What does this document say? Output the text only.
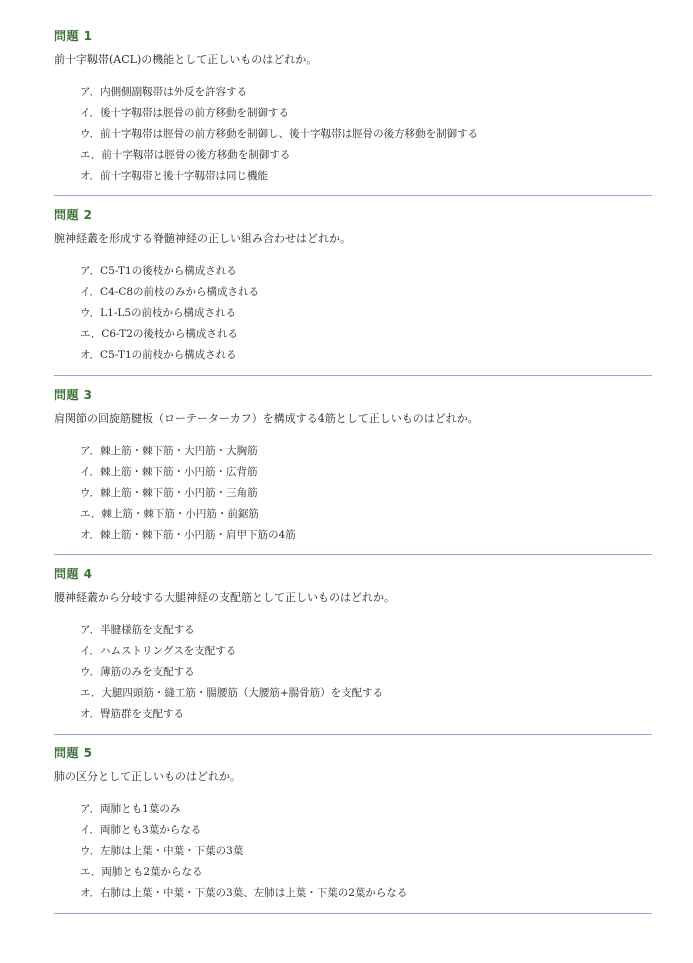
問題 1
前十字靱帯(ACL)の機能として正しいものはどれか。
ア．内側側副靱帯は外反を許容する
イ．後十字靱帯は脛骨の前方移動を制御する
ウ．前十字靱帯は脛骨の前方移動を制御し、後十字靱帯は脛骨の後方移動を制御する
エ．前十字靱帯は脛骨の後方移動を制御する
オ．前十字靱帯と後十字靱帯は同じ機能
問題 2
腕神経叢を形成する脊髄神経の正しい組み合わせはどれか。
ア．C5-T1の後枝から構成される
イ．C4-C8の前枝のみから構成される
ウ．L1-L5の前枝から構成される
エ．C6-T2の後枝から構成される
オ．C5-T1の前枝から構成される
問題 3
肩関節の回旋筋腱板（ローテーターカフ）を構成する4筋として正しいものはどれか。
ア．棘上筋・棘下筋・大円筋・大胸筋
イ．棘上筋・棘下筋・小円筋・広背筋
ウ．棘上筋・棘下筋・小円筋・三角筋
エ．棘上筋・棘下筋・小円筋・前鋸筋
オ．棘上筋・棘下筋・小円筋・肩甲下筋の4筋
問題 4
腰神経叢から分岐する大腿神経の支配筋として正しいものはどれか。
ア．半腱様筋を支配する
イ．ハムストリングスを支配する
ウ．薄筋のみを支配する
エ．大腿四頭筋・縫工筋・腸腰筋（大腰筋+腸骨筋）を支配する
オ．臀筋群を支配する
問題 5
肺の区分として正しいものはどれか。
ア．両肺とも1葉のみ
イ．両肺とも3葉からなる
ウ．左肺は上葉・中葉・下葉の3葉
エ．両肺とも2葉からなる
オ．右肺は上葉・中葉・下葉の3葉、左肺は上葉・下葉の2葉からなる
